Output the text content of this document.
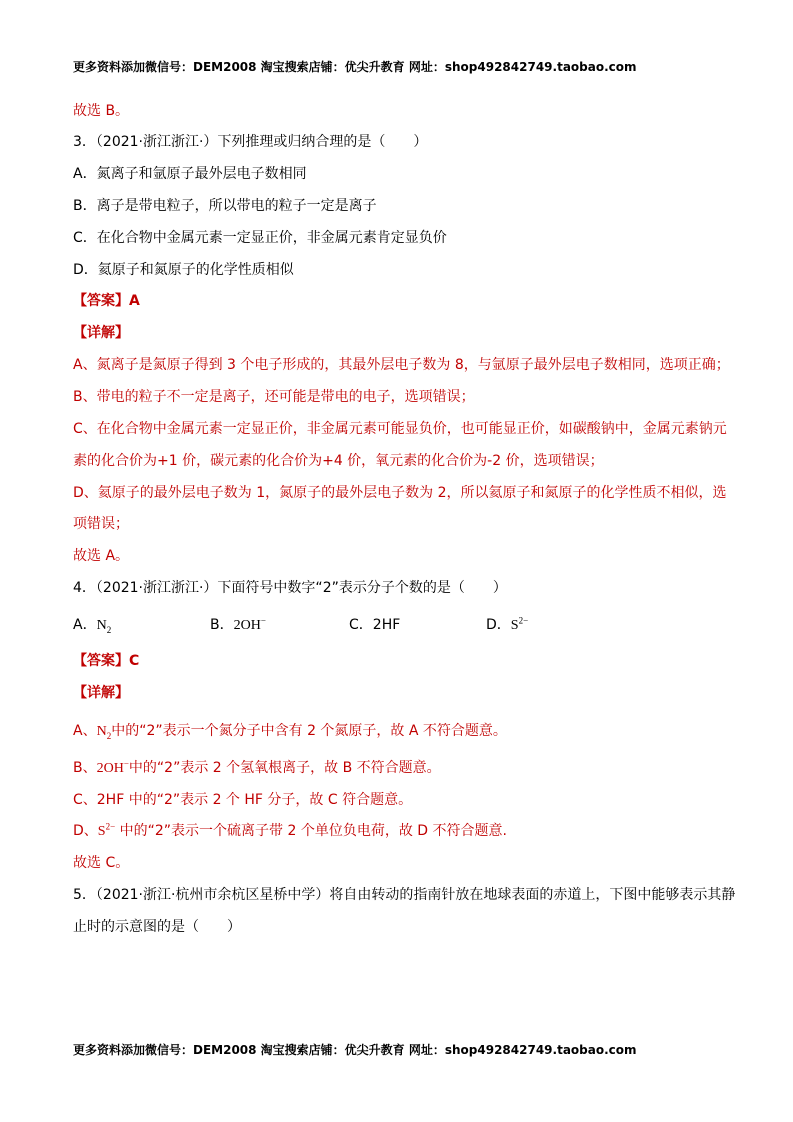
更多资料添加微信号：DEM2008 淘宝搜索店铺：优尖升教育 网址：shop492842749.taobao.com
故选 B。
3．（2021·浙江浙江·）下列推理或归纳合理的是（　　）
A．氮离子和氩原子最外层电子数相同
B．离子是带电粒子，所以带电的粒子一定是离子
C．在化合物中金属元素一定显正价，非金属元素肯定显负价
D．氦原子和氮原子的化学性质相似
【答案】A
【详解】
A、氮离子是氮原子得到 3 个电子形成的，其最外层电子数为 8，与氩原子最外层电子数相同，选项正确；
B、带电的粒子不一定是离子，还可能是带电的电子，选项错误；
C、在化合物中金属元素一定显正价，非金属元素可能显负价，也可能显正价，如碳酸钠中，金属元素钠元
素的化合价为+1 价，碳元素的化合价为+4 价，氧元素的化合价为-2 价，选项错误；
D、氦原子的最外层电子数为 1，氮原子的最外层电子数为 2，所以氦原子和氮原子的化学性质不相似，选
项错误；
故选 A。
4．（2021·浙江浙江·）下面符号中数字“2”表示分子个数的是（　　）
A．$N_2$	B．2OH−	C．2HF	D．$S^{2-}$
【答案】C
【详解】
A、$N_2$中的“2”表示一个氮分子中含有 2 个氮原子，故 A 不符合题意。
B、2OH−中的“2”表示 2 个氢氧根离子，故 B 不符合题意。
C、2HF 中的“2”表示 2 个 HF 分子，故 C 符合题意。
D、$S^{2-}$ 中的“2”表示一个硫离子带 2 个单位负电荷，故 D 不符合题意.
故选 C。
5．（2021·浙江·杭州市余杭区星桥中学）将自由转动的指南针放在地球表面的赤道上，下图中能够表示其静
止时的示意图的是（　　）
更多资料添加微信号：DEM2008 淘宝搜索店铺：优尖升教育 网址：shop492842749.taobao.com
